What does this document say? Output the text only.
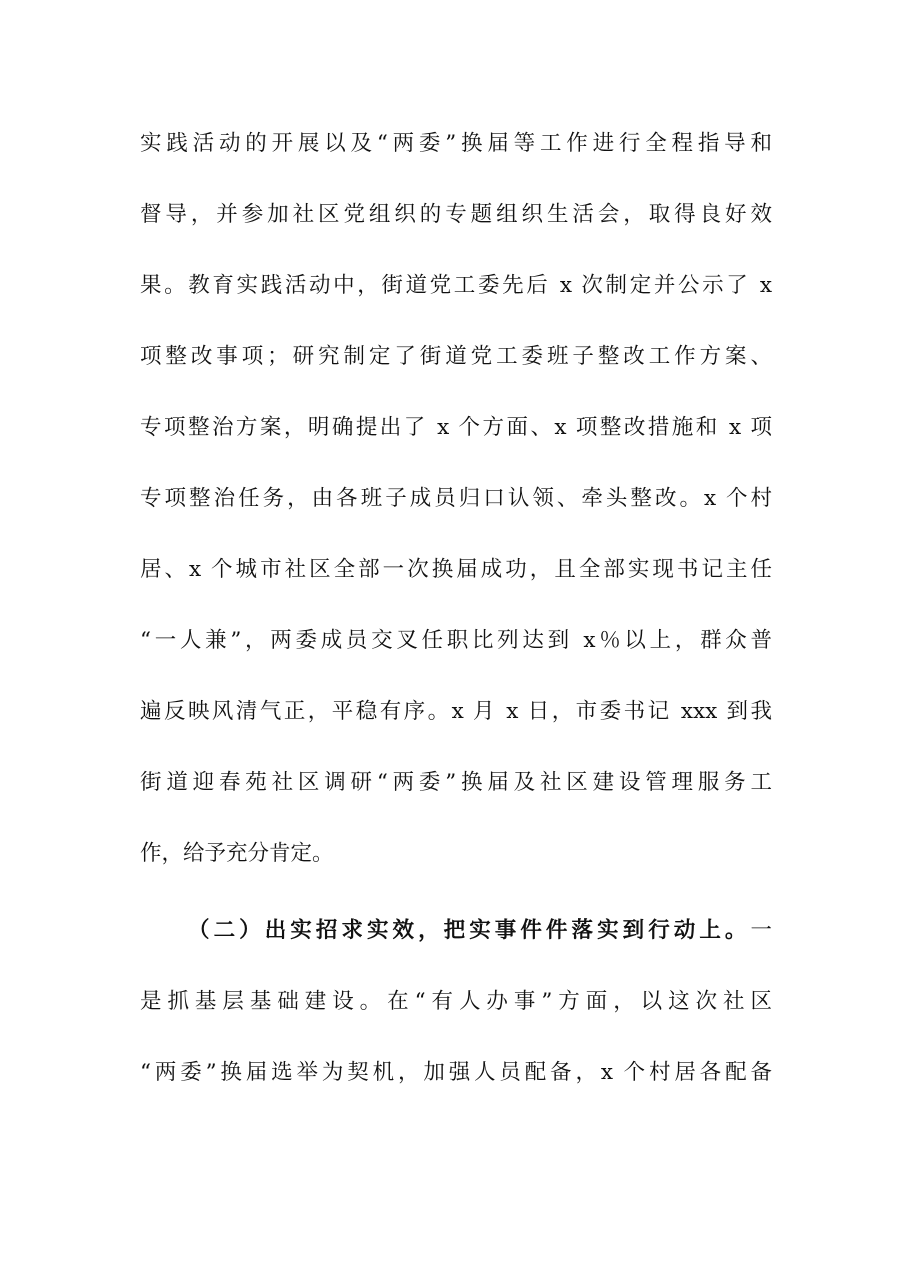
实践活动的开展以及“两委”换届等工作进行全程指导和
督导，并参加社区党组织的专题组织生活会，取得良好效
果。教育实践活动中，街道党工委先后 x 次制定并公示了 x
项整改事项；研究制定了街道党工委班子整改工作方案、
专项整治方案，明确提出了 x 个方面、x 项整改措施和 x 项
专项整治任务，由各班子成员归口认领、牵头整改。x 个村
居、x 个城市社区全部一次换届成功，且全部实现书记主任
“一人兼”，两委成员交叉任职比列达到 x％以上，群众普
遍反映风清气正，平稳有序。x 月 x 日，市委书记 xxx 到我
街道迎春苑社区调研“两委”换届及社区建设管理服务工
作，给予充分肯定。
（二）出实招求实效，把实事件件落实到行动上。一
是抓基层基础建设。在“有人办事”方面，以这次社区
“两委”换届选举为契机，加强人员配备，x 个村居各配备
